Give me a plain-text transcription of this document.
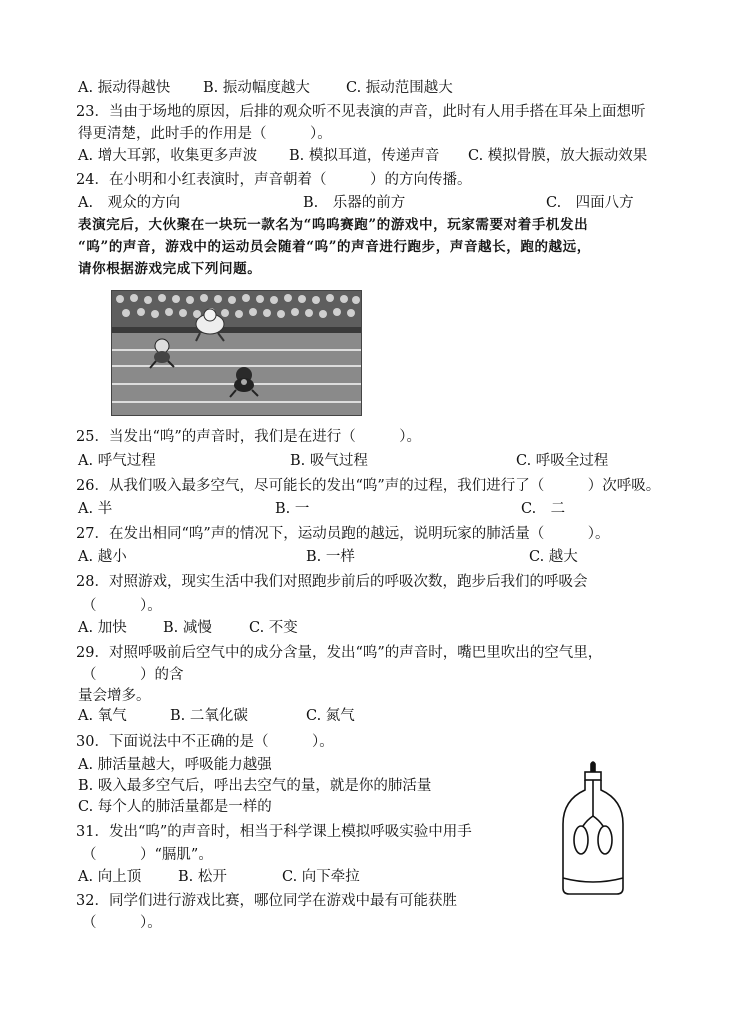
A. 振动得越快 B. 振动幅度越大 C. 振动范围越大
23．当由于场地的原因，后排的观众听不见表演的声音，此时有人用手搭在耳朵上面想听
得更清楚，此时手的作用是（　　　）。
A. 增大耳郭，收集更多声波 B. 模拟耳道，传递声音 C. 模拟骨膜，放大振动效果
24．在小明和小红表演时，声音朝着（　　　）的方向传播。
A.　观众的方向	B.　乐器的前方	C.　四面八方
表演完后，大伙聚在一块玩一款名为“呜呜赛跑”的游戏中，玩家需要对着手机发出
“呜”的声音，游戏中的运动员会随着“呜”的声音进行跑步，声音越长，跑的越远，
请你根据游戏完成下列问题。
25．当发出“呜”的声音时，我们是在进行（　　　）。
A. 呼气过程	B. 吸气过程	C. 呼吸全过程
26．从我们吸入最多空气，尽可能长的发出“呜”声的过程，我们进行了（　　　）次呼吸。
A. 半	B. 一	C.　二
27．在发出相同“呜”声的情况下，运动员跑的越远，说明玩家的肺活量（　　　）。
A. 越小	B. 一样	C. 越大
28．对照游戏，现实生活中我们对照跑步前后的呼吸次数，跑步后我们的呼吸会
（　　　）。
A. 加快	B. 减慢	C. 不变
29．对照呼吸前后空气中的成分含量，发出“呜”的声音时，嘴巴里吹出的空气里，
（　　　）的含
量会增多。
A. 氧气	B. 二氧化碳	C. 氮气
30．下面说法中不正确的是（　　　）。
A. 肺活量越大，呼吸能力越强
B. 吸入最多空气后，呼出去空气的量，就是你的肺活量
C. 每个人的肺活量都是一样的
31．发出“呜”的声音时，相当于科学课上模拟呼吸实验中用手
（　　　）“膈肌”。
A. 向上顶	B. 松开	C. 向下牵拉
32．同学们进行游戏比赛，哪位同学在游戏中最有可能获胜
（　　　）。
